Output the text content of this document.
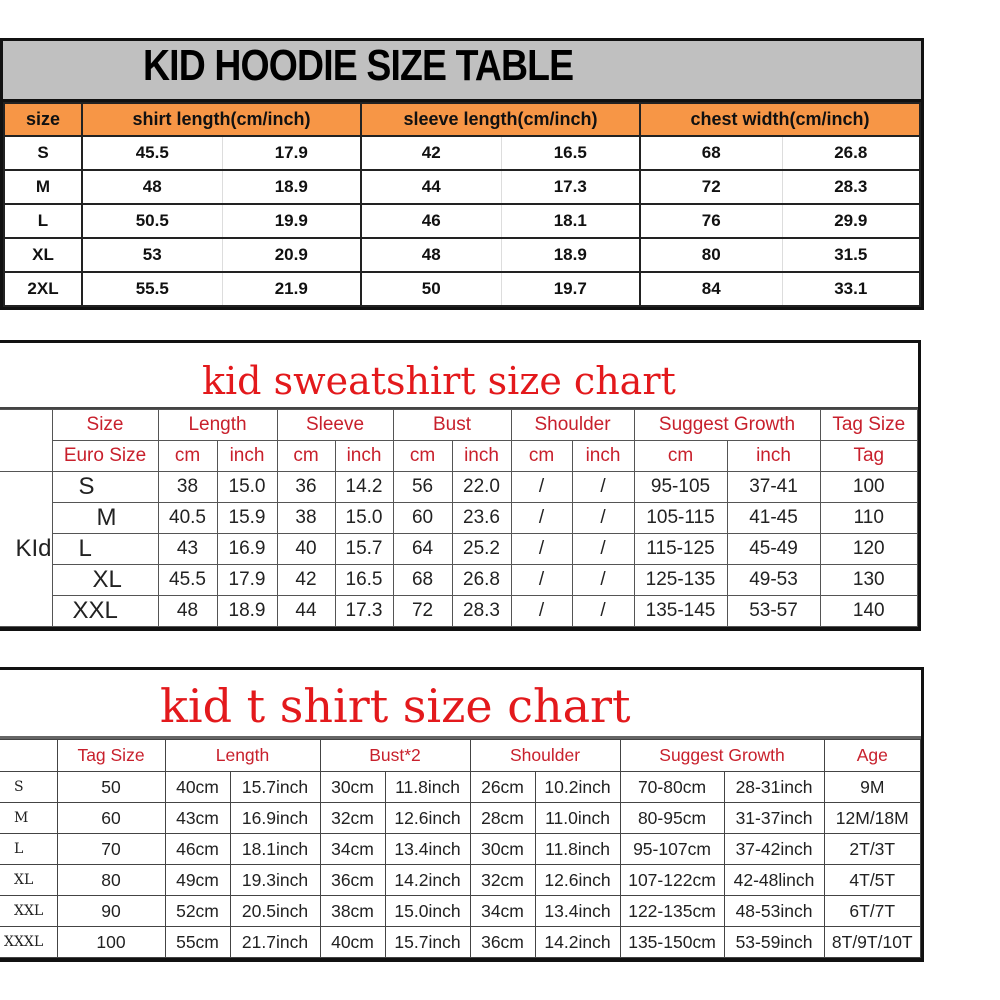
KID HOODIE SIZE TABLE
size	shirt length(cm/inch)		sleeve length(cm/inch)		chest width(cm/inch)	
S	45.5	17.9	42	16.5	68	26.8
M	48	18.9	44	17.3	72	28.3
L	50.5	19.9	46	18.1	76	29.9
XL	53	20.9	48	18.9	80	31.5
2XL	55.5	21.9	50	19.7	84	33.1
kid sweatshirt size chart
	Size	Length		Sleeve		Bust		Shoulder		Suggest Growth		Tag Size
	Euro Size	cm	inch	cm	inch	cm	inch	cm	inch	cm	inch	Tag
KId	S	38	15.0	36	14.2	56	22.0	/	/	95-105	37-41	100
	M	40.5	15.9	38	15.0	60	23.6	/	/	105-115	41-45	110
	L	43	16.9	40	15.7	64	25.2	/	/	115-125	45-49	120
	XL	45.5	17.9	42	16.5	68	26.8	/	/	125-135	49-53	130
	XXL	48	18.9	44	17.3	72	28.3	/	/	135-145	53-57	140
kid t shirt size chart
	Tag Size	Length		Bust*2		Shoulder		Suggest Growth		Age
S	50	40cm	15.7inch	30cm	11.8inch	26cm	10.2inch	70-80cm	28-31inch	9M
M	60	43cm	16.9inch	32cm	12.6inch	28cm	11.0inch	80-95cm	31-37inch	12M/18M
L	70	46cm	18.1inch	34cm	13.4inch	30cm	11.8inch	95-107cm	37-42inch	2T/3T
XL	80	49cm	19.3inch	36cm	14.2inch	32cm	12.6inch	107-122cm	42-48linch	4T/5T
XXL	90	52cm	20.5inch	38cm	15.0inch	34cm	13.4inch	122-135cm	48-53inch	6T/7T
XXXL	100	55cm	21.7inch	40cm	15.7inch	36cm	14.2inch	135-150cm	53-59inch	8T/9T/10T
